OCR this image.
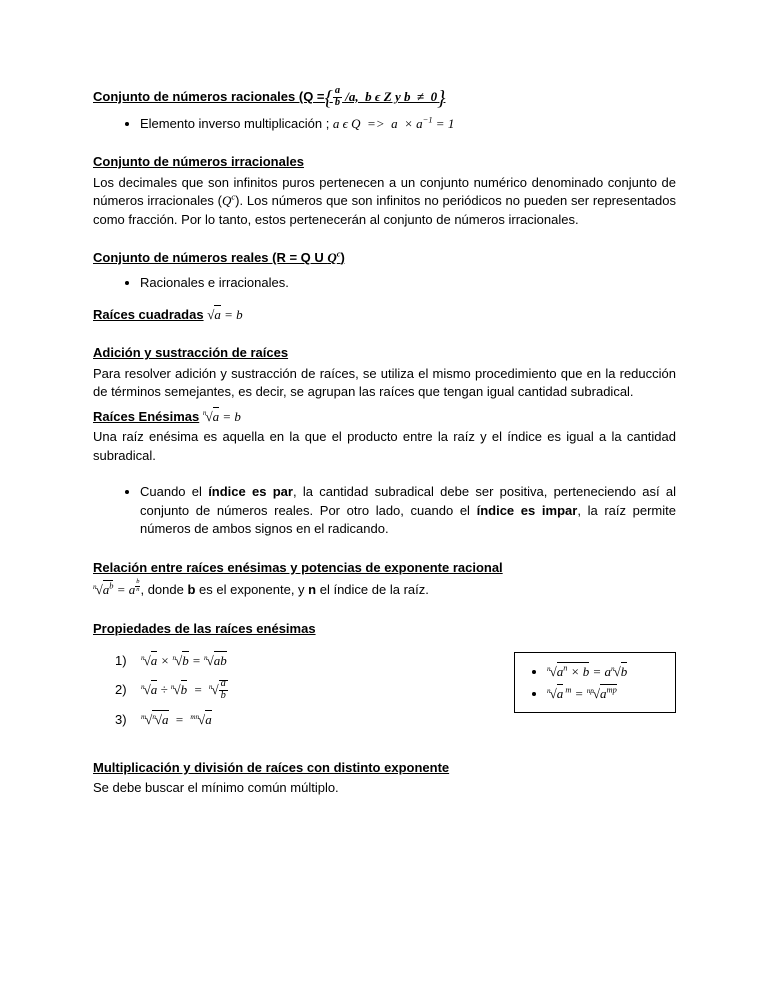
Conjunto de números racionales (Q ={ $\frac{a}{b} /a$,  b ϵ Z y b  ≠  0}
• Elemento inverso multiplicación ; a ϵ $Q => a \times a^{-1} = 1$
Conjunto de números irracionales

Los decimales que son infinitos puros pertenecen a un conjunto numérico denominado conjunto de números irracionales $(Q^c)$. Los números que son infinitos no periódicos no pueden ser representados como fracción. Por lo tanto, estos pertenecerán al conjunto de números irracionales.

Conjunto de números reales (R = Q U $Q^c$)
• Racionales e irracionales.
Raíces cuadradas √a = b
Adición y sustracción de raíces

Para resolver adición y sustracción de raíces, se utiliza el mismo procedimiento que en la reducción de términos semejantes, es decir, se agrupan las raíces que tengan igual cantidad subradical.

Raíces Enésimas $^n$√a = b

Una raíz enésima es aquella en la que el producto entre la raíz y el índice es igual a la cantidad subradical.

• Cuando el índice es par, la cantidad subradical debe ser positiva, perteneciendo así al conjunto de números reales. Por otro lado, cuando el índice es impar, la raíz permite números de ambos signos en el radicando.
Relación entre raíces enésimas y potencias de exponente racional

$^n√a^b = a \frac{b}{n}$ , donde b es el exponente, y n el índice de la raíz.

Propiedades de las raíces enésimas
1) $^n$√a × $^n$√b = $^n$√ab
2) $^n√a \div ^n√b = ^n√ \frac{a}{b}$
3) $^m$√$^n$√a  =  $^{mn}$√a
• $^n√a^n \times b = a^n√b$
• $^n$√a $^m = ^{np}√a^{mp}$
Multiplicación y división de raíces con distinto exponente

Se debe buscar el mínimo común múltiplo.
